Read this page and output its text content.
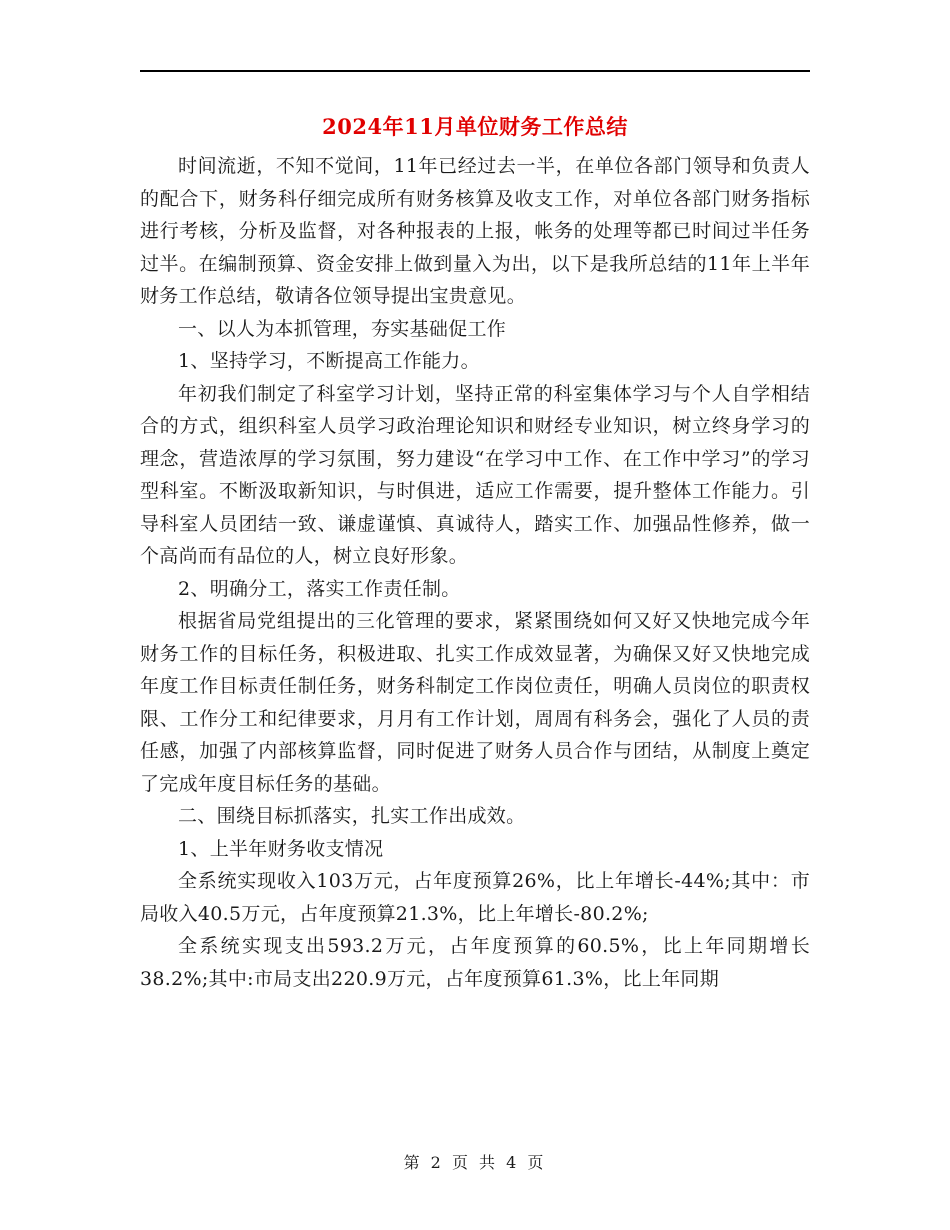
2024年11月单位财务工作总结

时间流逝，不知不觉间，11年已经过去一半，在单位各部门领导和负责人的配合下，财务科仔细完成所有财务核算及收支工作，对单位各部门财务指标进行考核，分析及监督，对各种报表的上报，帐务的处理等都已时间过半任务过半。在编制预算、资金安排上做到量入为出，以下是我所总结的11年上半年财务工作总结，敬请各位领导提出宝贵意见。

一、以人为本抓管理，夯实基础促工作

1、坚持学习，不断提高工作能力。

年初我们制定了科室学习计划，坚持正常的科室集体学习与个人自学相结合的方式，组织科室人员学习政治理论知识和财经专业知识，树立终身学习的理念，营造浓厚的学习氛围，努力建设“在学习中工作、在工作中学习”的学习型科室。不断汲取新知识，与时俱进，适应工作需要，提升整体工作能力。引导科室人员团结一致、谦虚谨慎、真诚待人，踏实工作、加强品性修养，做一个高尚而有品位的人，树立良好形象。

2、明确分工，落实工作责任制。

根据省局党组提出的三化管理的要求，紧紧围绕如何又好又快地完成今年财务工作的目标任务，积极进取、扎实工作成效显著，为确保又好又快地完成年度工作目标责任制任务，财务科制定工作岗位责任，明确人员岗位的职责权限、工作分工和纪律要求，月月有工作计划，周周有科务会，强化了人员的责任感，加强了内部核算监督，同时促进了财务人员合作与团结，从制度上奠定了完成年度目标任务的基础。

二、围绕目标抓落实，扎实工作出成效。

1、上半年财务收支情况

全系统实现收入103万元，占年度预算26%，比上年增长-44%;其中：市局收入40.5万元，占年度预算21.3%，比上年增长-80.2%;

全系统实现支出593.2万元，占年度预算的60.5%，比上年同期增长38.2%;其中:市局支出220.9万元，占年度预算61.3%，比上年同期

第 2 页 共 4 页
